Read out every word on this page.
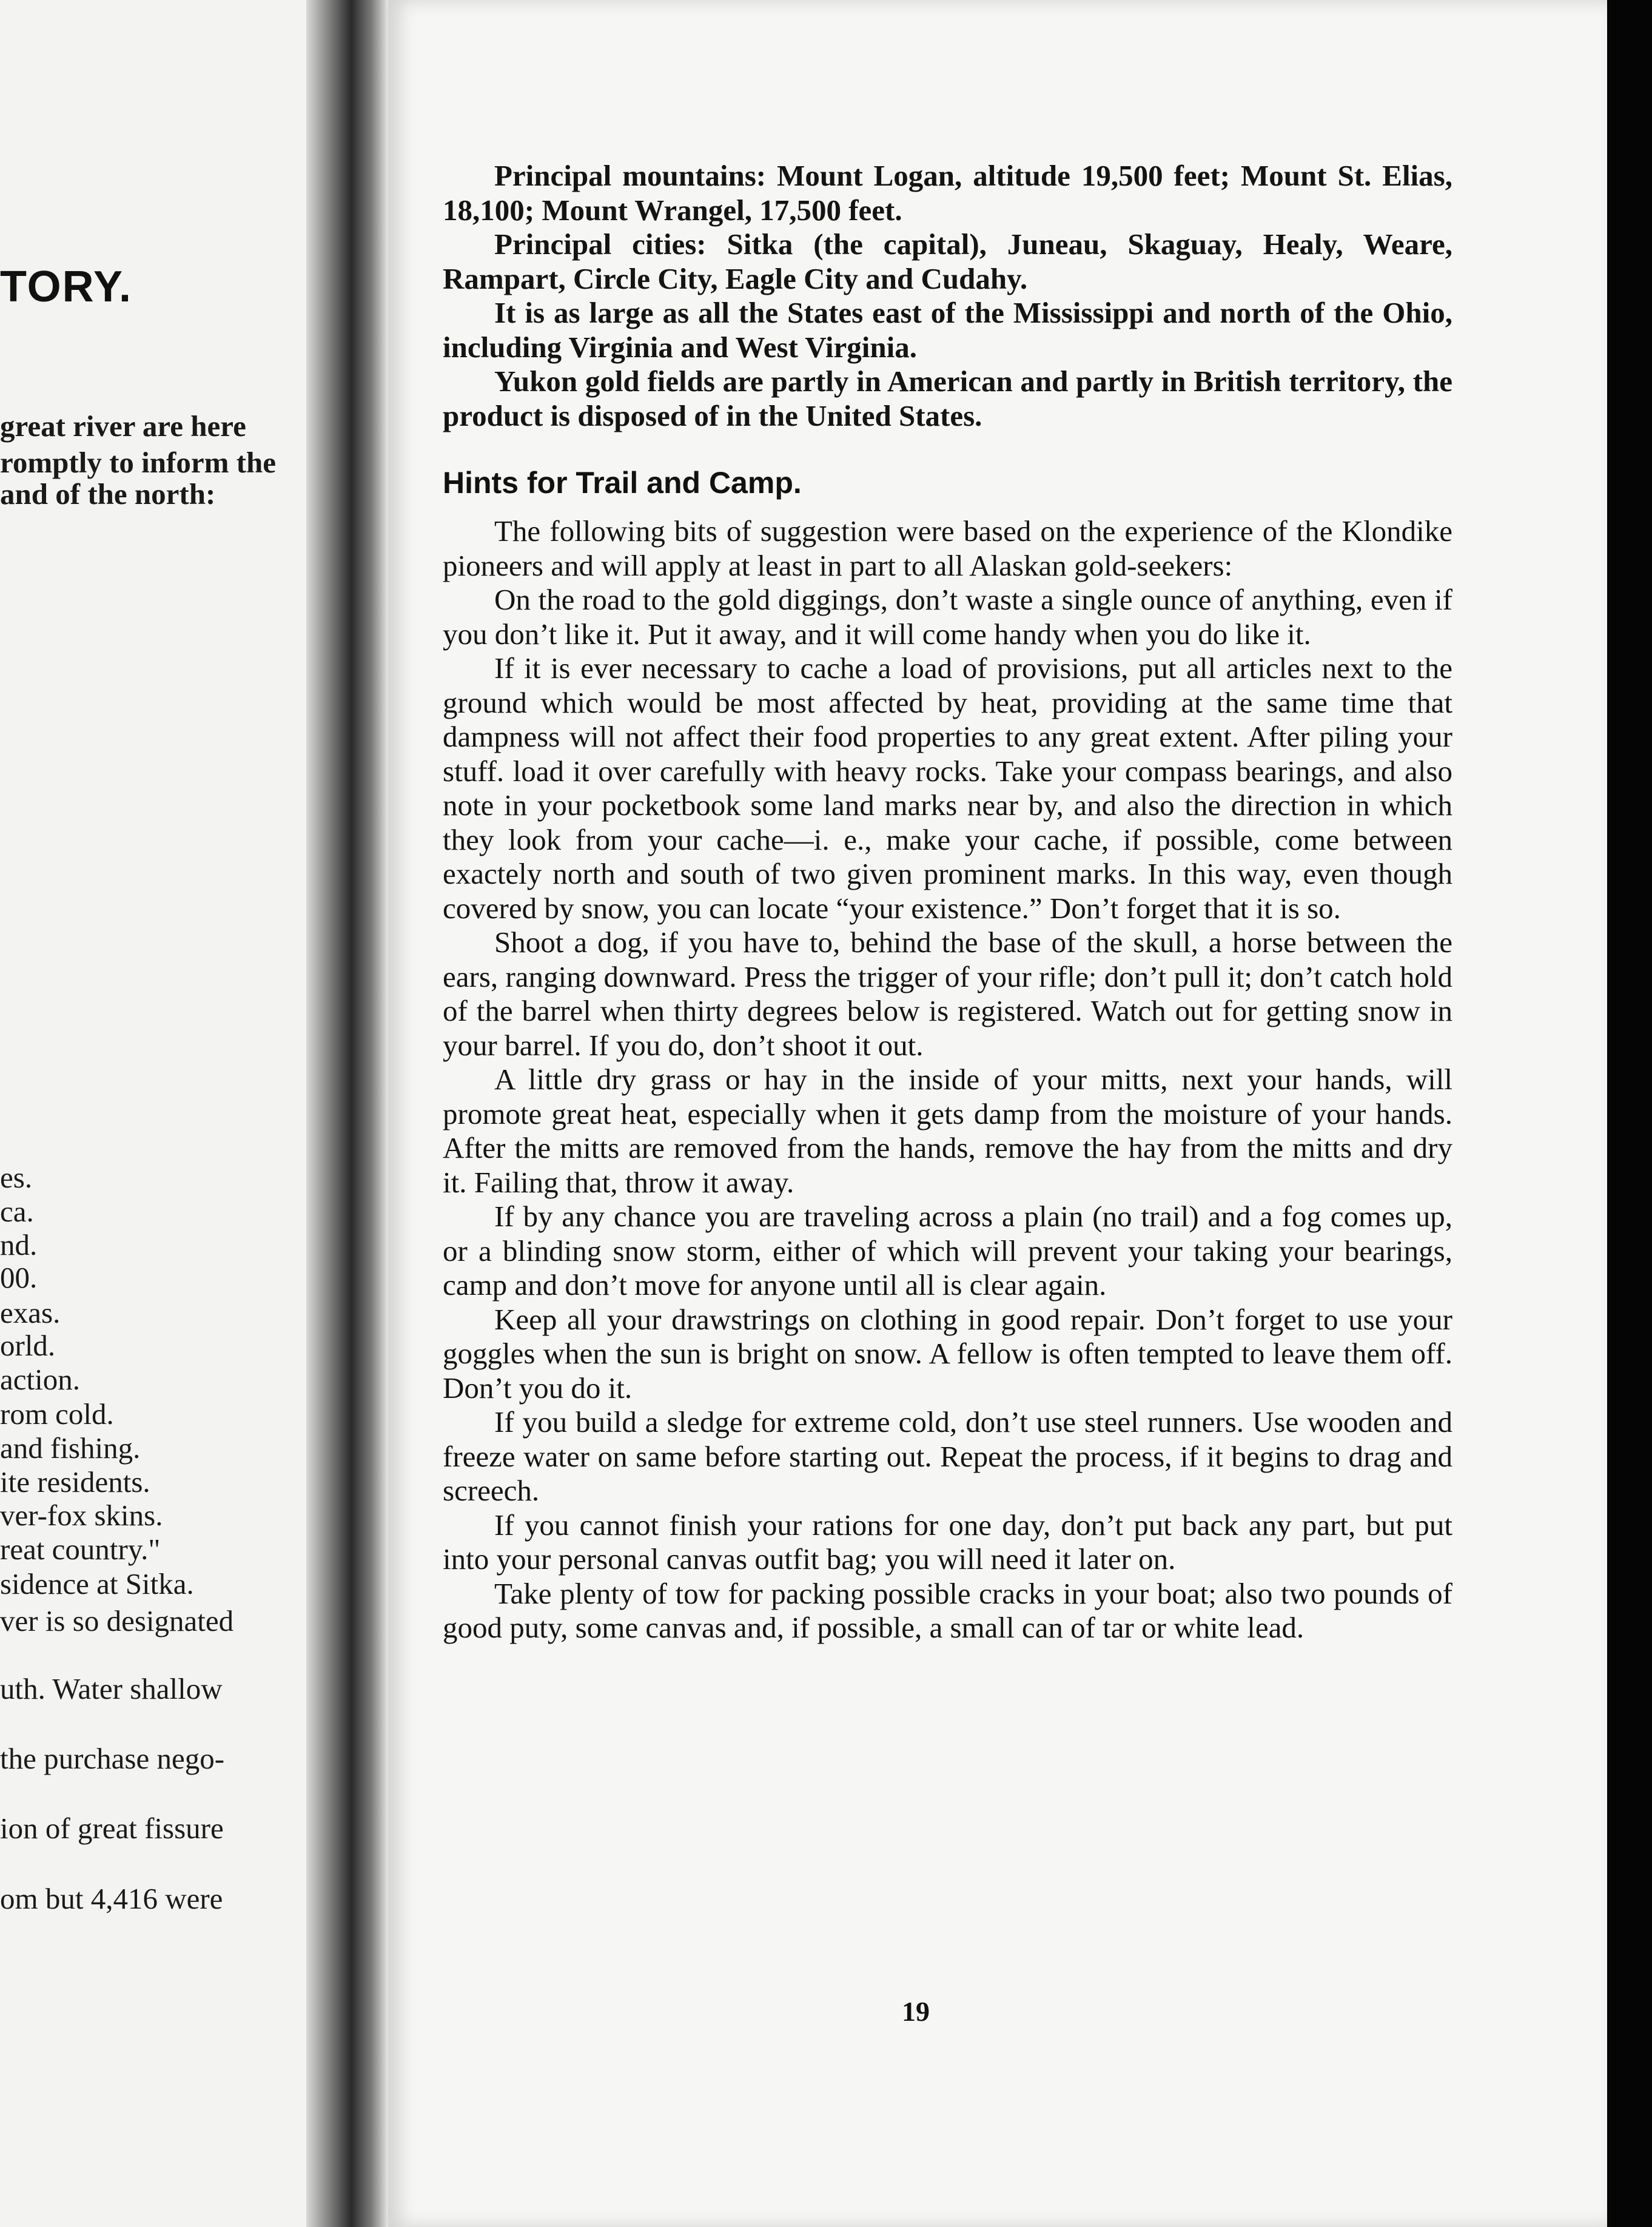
TORY.
great river are here
romptly to inform the
and of the north:
es.
ca.
nd.
00.
exas.
orld.
action.
rom cold.
and fishing.
ite residents.
ver-fox skins.
reat country."
sidence at Sitka.
ver is so designated
uth. Water shallow
the purchase nego-
ion of great fissure
om but 4,416 were

Principal mountains: Mount Logan, altitude 19,500 feet; Mount St. Elias, 18,100; Mount Wrangel, 17,500 feet.

Principal cities: Sitka (the capital), Juneau, Skaguay, Healy, Weare, Rampart, Circle City, Eagle City and Cudahy.

It is as large as all the States east of the Mississippi and north of the Ohio, including Virginia and West Virginia.

Yukon gold fields are partly in American and partly in British territory, the product is disposed of in the United States.

Hints for Trail and Camp.

The following bits of suggestion were based on the experience of the Klondike pioneers and will apply at least in part to all Alaskan gold-seekers:

On the road to the gold diggings, don’t waste a single ounce of anything, even if you don’t like it. Put it away, and it will come handy when you do like it.

If it is ever necessary to cache a load of provisions, put all articles next to the ground which would be most affected by heat, providing at the same time that dampness will not affect their food properties to any great extent. After piling your stuff. load it over carefully with heavy rocks. Take your compass bearings, and also note in your pocketbook some land marks near by, and also the direction in which they look from your cache—i. e., make your cache, if possible, come between exactely north and south of two given prominent marks. In this way, even though covered by snow, you can locate “your existence.” Don’t forget that it is so.

Shoot a dog, if you have to, behind the base of the skull, a horse between the ears, ranging downward. Press the trigger of your rifle; don’t pull it; don’t catch hold of the barrel when thirty degrees below is registered. Watch out for getting snow in your barrel. If you do, don’t shoot it out.

A little dry grass or hay in the inside of your mitts, next your hands, will promote great heat, especially when it gets damp from the moisture of your hands. After the mitts are removed from the hands, remove the hay from the mitts and dry it. Failing that, throw it away.

If by any chance you are traveling across a plain (no trail) and a fog comes up, or a blinding snow storm, either of which will prevent your taking your bearings, camp and don’t move for anyone until all is clear again.

Keep all your drawstrings on clothing in good repair. Don’t forget to use your goggles when the sun is bright on snow. A fellow is often tempted to leave them off. Don’t you do it.

If you build a sledge for extreme cold, don’t use steel runners. Use wooden and freeze water on same before starting out. Repeat the process, if it begins to drag and screech.

If you cannot finish your rations for one day, don’t put back any part, but put into your personal canvas outfit bag; you will need it later on.

Take plenty of tow for packing possible cracks in your boat; also two pounds of good puty, some canvas and, if possible, a small can of tar or white lead.

19
